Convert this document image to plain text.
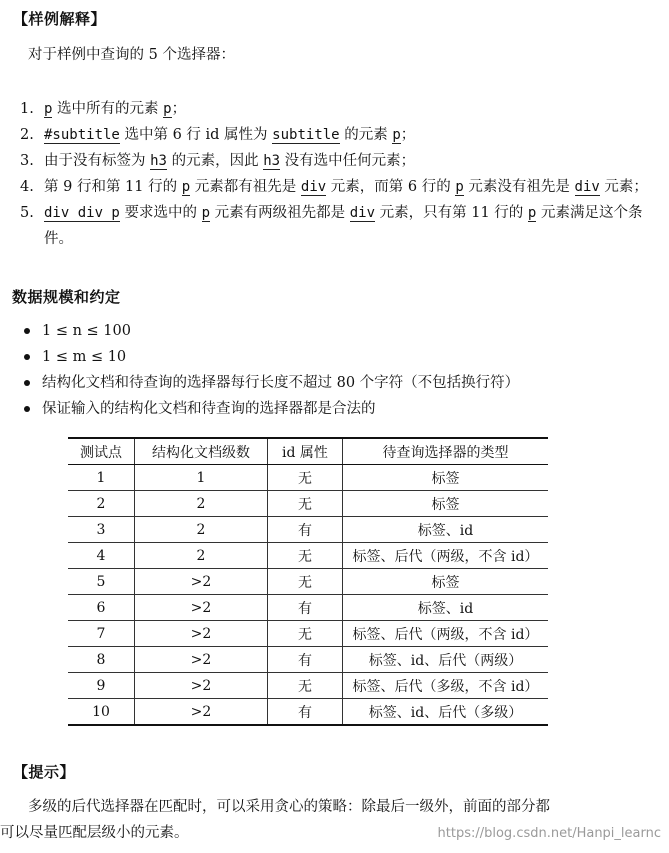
【样例解释】
对于样例中查询的 5 个选择器：
1. p 选中所有的元素 p；
2. #subtitle 选中第 6 行 id 属性为 subtitle 的元素 p；
3. 由于没有标签为 h3 的元素，因此 h3 没有选中任何元素；
4. 第 9 行和第 11 行的 p 元素都有祖先是 div 元素，而第 6 行的 p 元素没有祖先是 div 元素；
5. div div p 要求选中的 p 元素有两级祖先都是 div 元素，只有第 11 行的 p 元素满足这个条件。
数据规模和约定
1 ≤ n ≤ 100
1 ≤ m ≤ 10
结构化文档和待查询的选择器每行长度不超过 80 个字符（不包括换行符）
保证输入的结构化文档和待查询的选择器都是合法的
测试点	结构化文档级数	id 属性	待查询选择器的类型
1	1	无	标签
2	2	无	标签
3	2	有	标签、id
4	2	无	标签、后代（两级，不含 id）
5	>2	无	标签
6	>2	有	标签、id
7	>2	无	标签、后代（两级，不含 id）
8	>2	有	标签、id、后代（两级）
9	>2	无	标签、后代（多级，不含 id）
10	>2	有	标签、id、后代（多级）
【提示】
多级的后代选择器在匹配时，可以采用贪心的策略：除最后一级外，前面的部分都
可以尽量匹配层级小的元素。	https://blog.csdn.net/Hanpi_learnc
